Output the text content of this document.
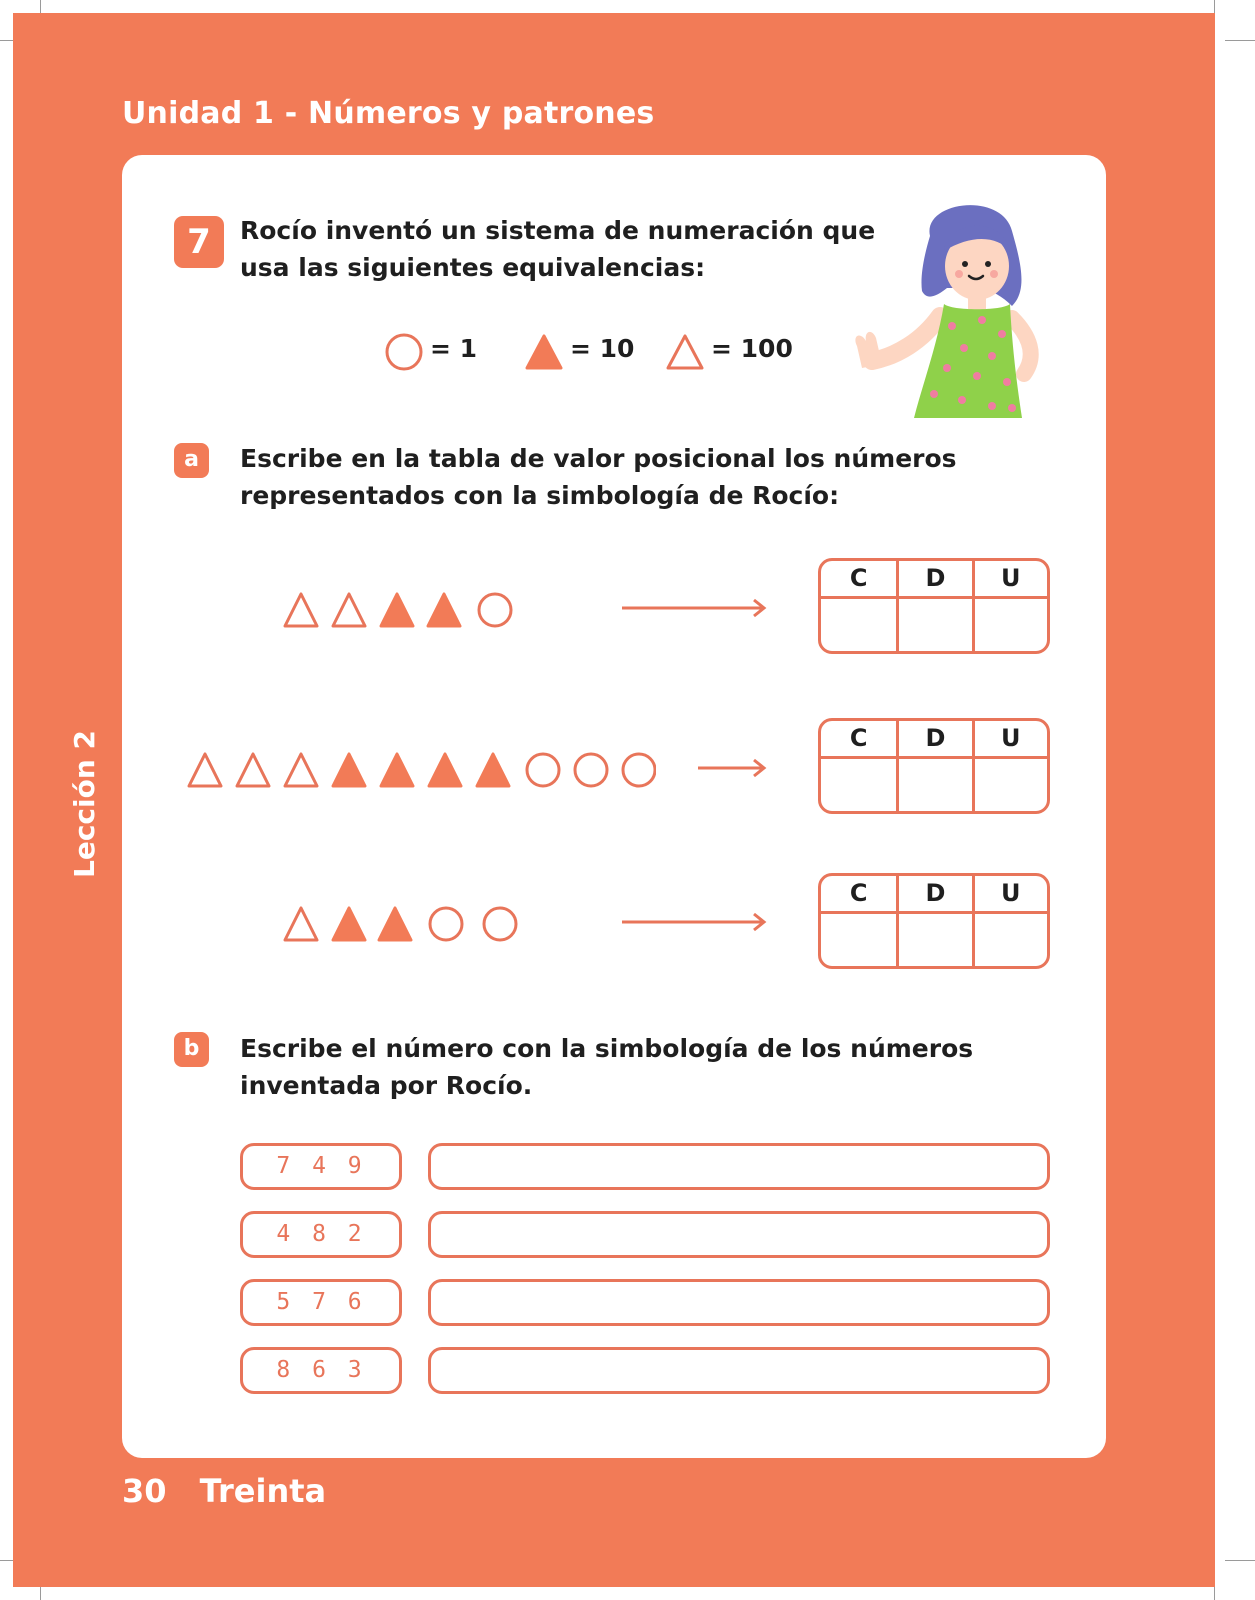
Unidad 1 - Números y patrones
Lección 2
7	Rocío inventó un sistema de numeración que
usa las siguientes equivalencias:
= 1	= 10	= 100
a	Escribe en la tabla de valor posicional los números
representados con la simbología de Rocío:
C	D	U
C	D	U
C	D	U
b	Escribe el número con la simbología de los números
inventada por Rocío.
7 4 9
4 8 2
5 7 6
8 6 3
30 Treinta
